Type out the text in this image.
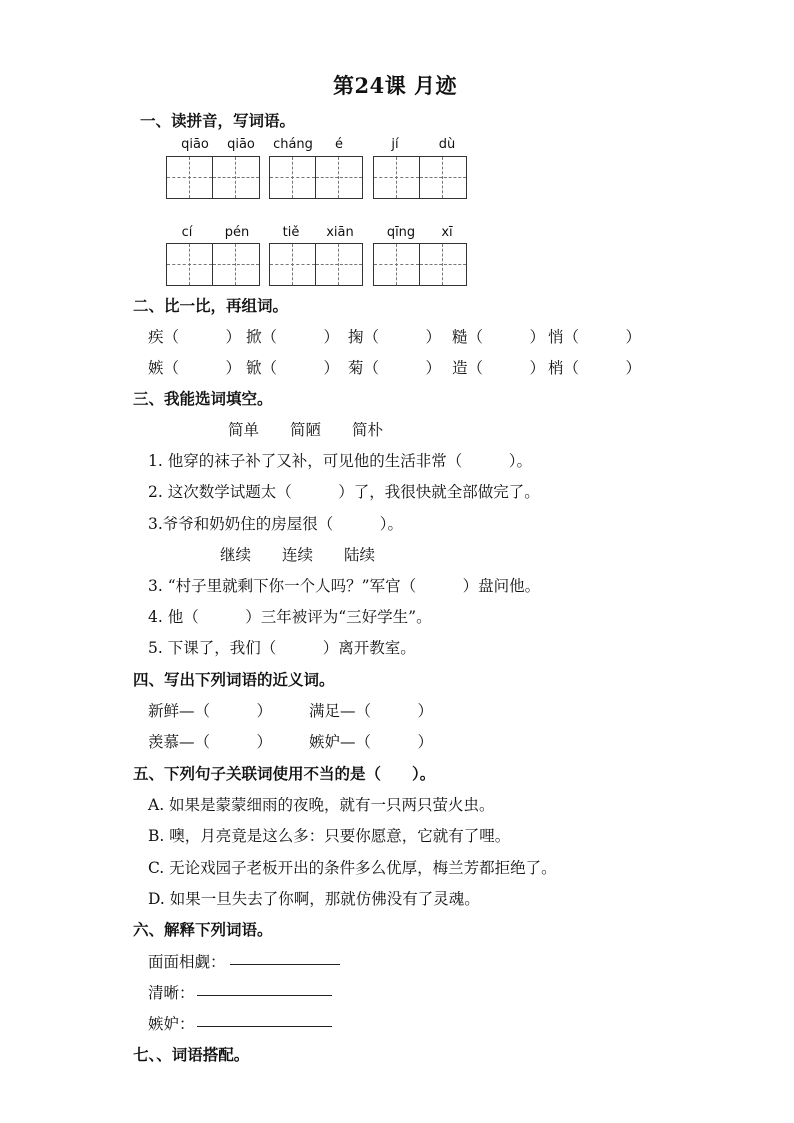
第24课 月迹
一、读拼音，写词语。
qiāo	qiāo	cháng	é	jí	dù
cí	pén	tiě	xiān	qīng	xī
二、比一比，再组词。
疾（　　　） 掀（　　　） 掬（　　　） 糙（　　　） 悄（　　　）
嫉（　　　） 锨（　　　） 菊（　　　） 造（　　　） 梢（　　　）
三、我能选词填空。
简单　　简陋　　简朴
1. 他穿的袜子补了又补，可见他的生活非常（　　　）。
2. 这次数学试题太（　　　）了，我很快就全部做完了。
3.爷爷和奶奶住的房屋很（　　　）。
继续　　连续　　陆续
3. “村子里就剩下你一个人吗？”军官（　　　）盘问他。
4. 他（　　　）三年被评为“三好学生”。
5. 下课了，我们（　　　）离开教室。
四、写出下列词语的近义词。
新鲜—（　　　） 满足—（　　　）
羡慕—（　　　） 嫉妒—（　　　）
五、下列句子关联词使用不当的是（　　）。
A. 如果是蒙蒙细雨的夜晚，就有一只两只萤火虫。
B. 噢，月亮竟是这么多：只要你愿意，它就有了哩。
C. 无论戏园子老板开出的条件多么优厚，梅兰芳都拒绝了。
D. 如果一旦失去了你啊，那就仿佛没有了灵魂。
六、解释下列词语。
面面相觑：
清晰：
嫉妒：
七、、词语搭配。
